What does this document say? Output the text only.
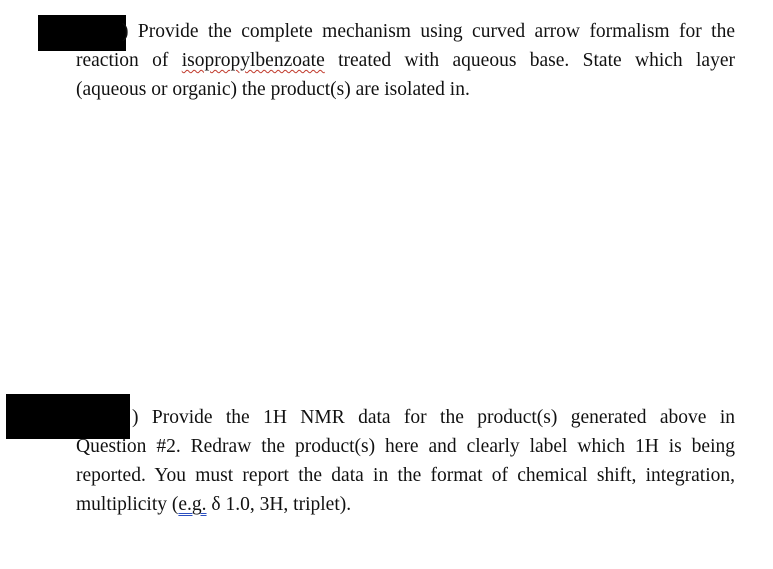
) Provide the complete mechanism using curved arrow formalism for the
reaction of isopropylbenzoate treated with aqueous base. State which layer
(aqueous or organic) the product(s) are isolated in.
) Provide the 1H NMR data for the product(s) generated above in
Question #2. Redraw the product(s) here and clearly label which 1H is being
reported. You must report the data in the format of chemical shift, integration,
multiplicity (e.g. δ 1.0, 3H, triplet).
